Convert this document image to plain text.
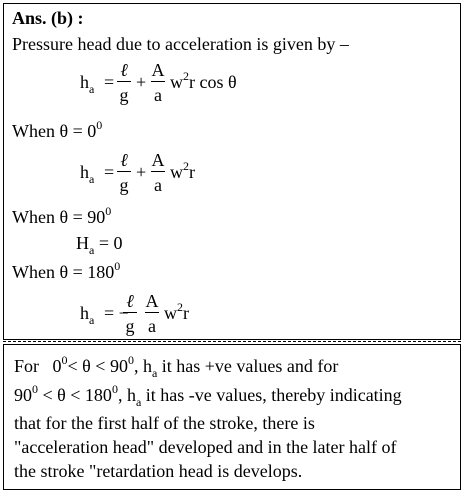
Ans. (b) :
Pressure head due to acceleration is given by –
$h_a$ =
ℓ
g
+
A
a
$w^2r$ cos θ
When $\theta = 0^0$
$h_a$ =
ℓ
g
+
A
a
$w^2r$
When $\theta = 90^0$
$H_a = 0$
When $\theta = 180^0$
$h_a$ = −
ℓ
g
A
a
$w^2r$
For $0^0< \theta < 90^0$, $h_a$ it has +ve values and for
$90^0 < \theta < 180^0$, $h_a$ it has -ve values, thereby indicating
that for the first half of the stroke, there is
"acceleration head" developed and in the later half of
the stroke "retardation head is develops.
